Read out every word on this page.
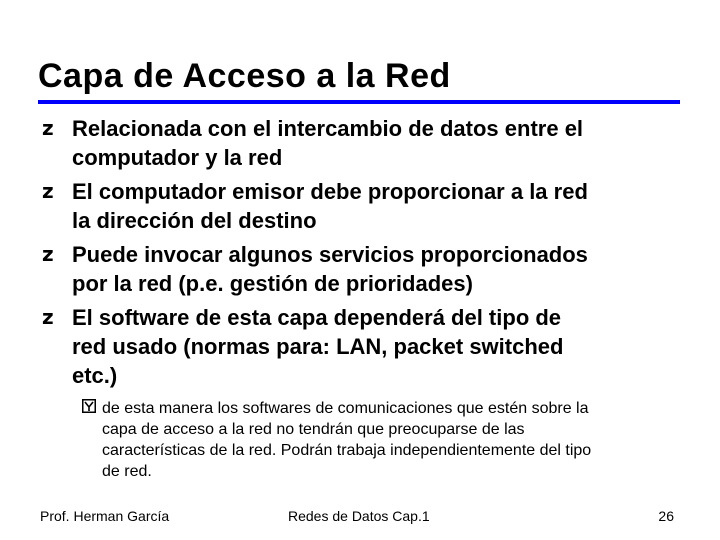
Capa de Acceso a la Red
z Relacionada con el intercambio de datos entre el
computador y la red
z El computador emisor debe proporcionar a la red
la dirección del destino
z Puede invocar algunos servicios proporcionados
por la red (p.e. gestión de prioridades)
z El software de esta capa dependerá del tipo de
red usado (normas para: LAN, packet switched
etc.)
de esta manera los softwares de comunicaciones que estén sobre la
capa de acceso a la red no tendrán que preocuparse de las
características de la red. Podrán trabaja independientemente del tipo
de red.
Prof. Herman García	Redes de Datos Cap.1	26
